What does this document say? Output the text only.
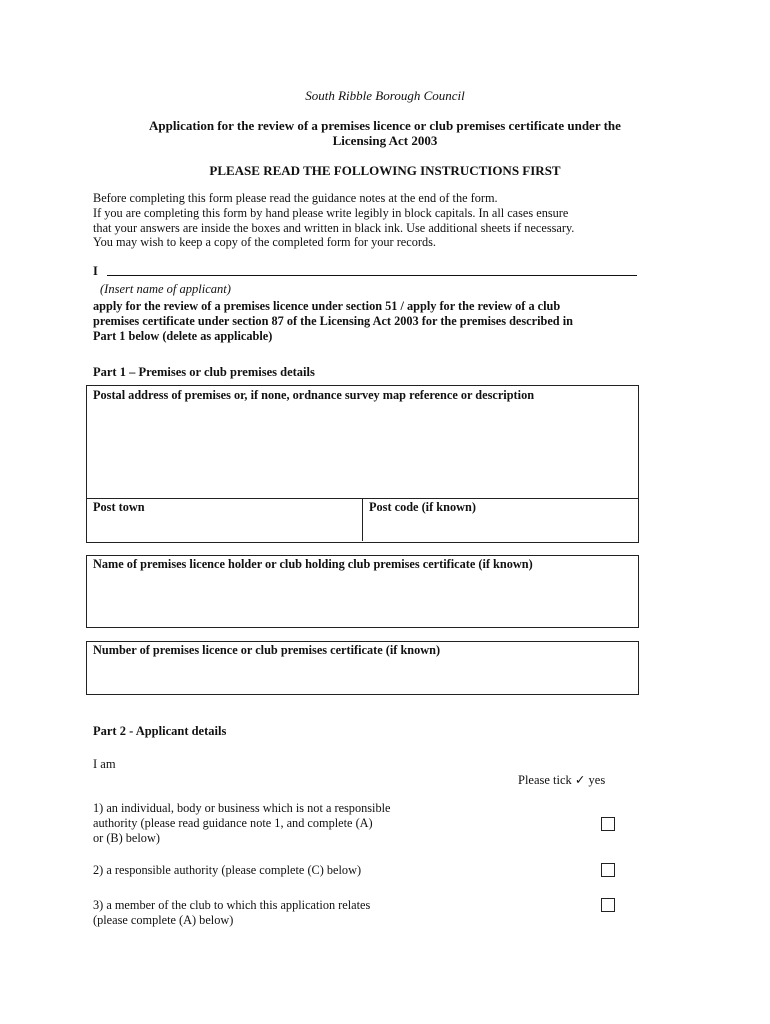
South Ribble Borough Council
Application for the review of a premises licence or club premises certificate under the
Licensing Act 2003
PLEASE READ THE FOLLOWING INSTRUCTIONS FIRST
Before completing this form please read the guidance notes at the end of the form.
If you are completing this form by hand please write legibly in block capitals. In all cases ensure
that your answers are inside the boxes and written in black ink. Use additional sheets if necessary.
You may wish to keep a copy of the completed form for your records.
I
(Insert name of applicant)
apply for the review of a premises licence under section 51 / apply for the review of a club
premises certificate under section 87 of the Licensing Act 2003 for the premises described in
Part 1 below (delete as applicable)
Part 1 – Premises or club premises details
Postal address of premises or, if none, ordnance survey map reference or description
Post town	Post code (if known)
Name of premises licence holder or club holding club premises certificate (if known)
Number of premises licence or club premises certificate (if known)
Part 2 - Applicant details
I am
Please tick ✓ yes
1) an individual, body or business which is not a responsible
authority (please read guidance note 1, and complete (A)
or (B) below)
2) a responsible authority (please complete (C) below)
3) a member of the club to which this application relates
(please complete (A) below)
